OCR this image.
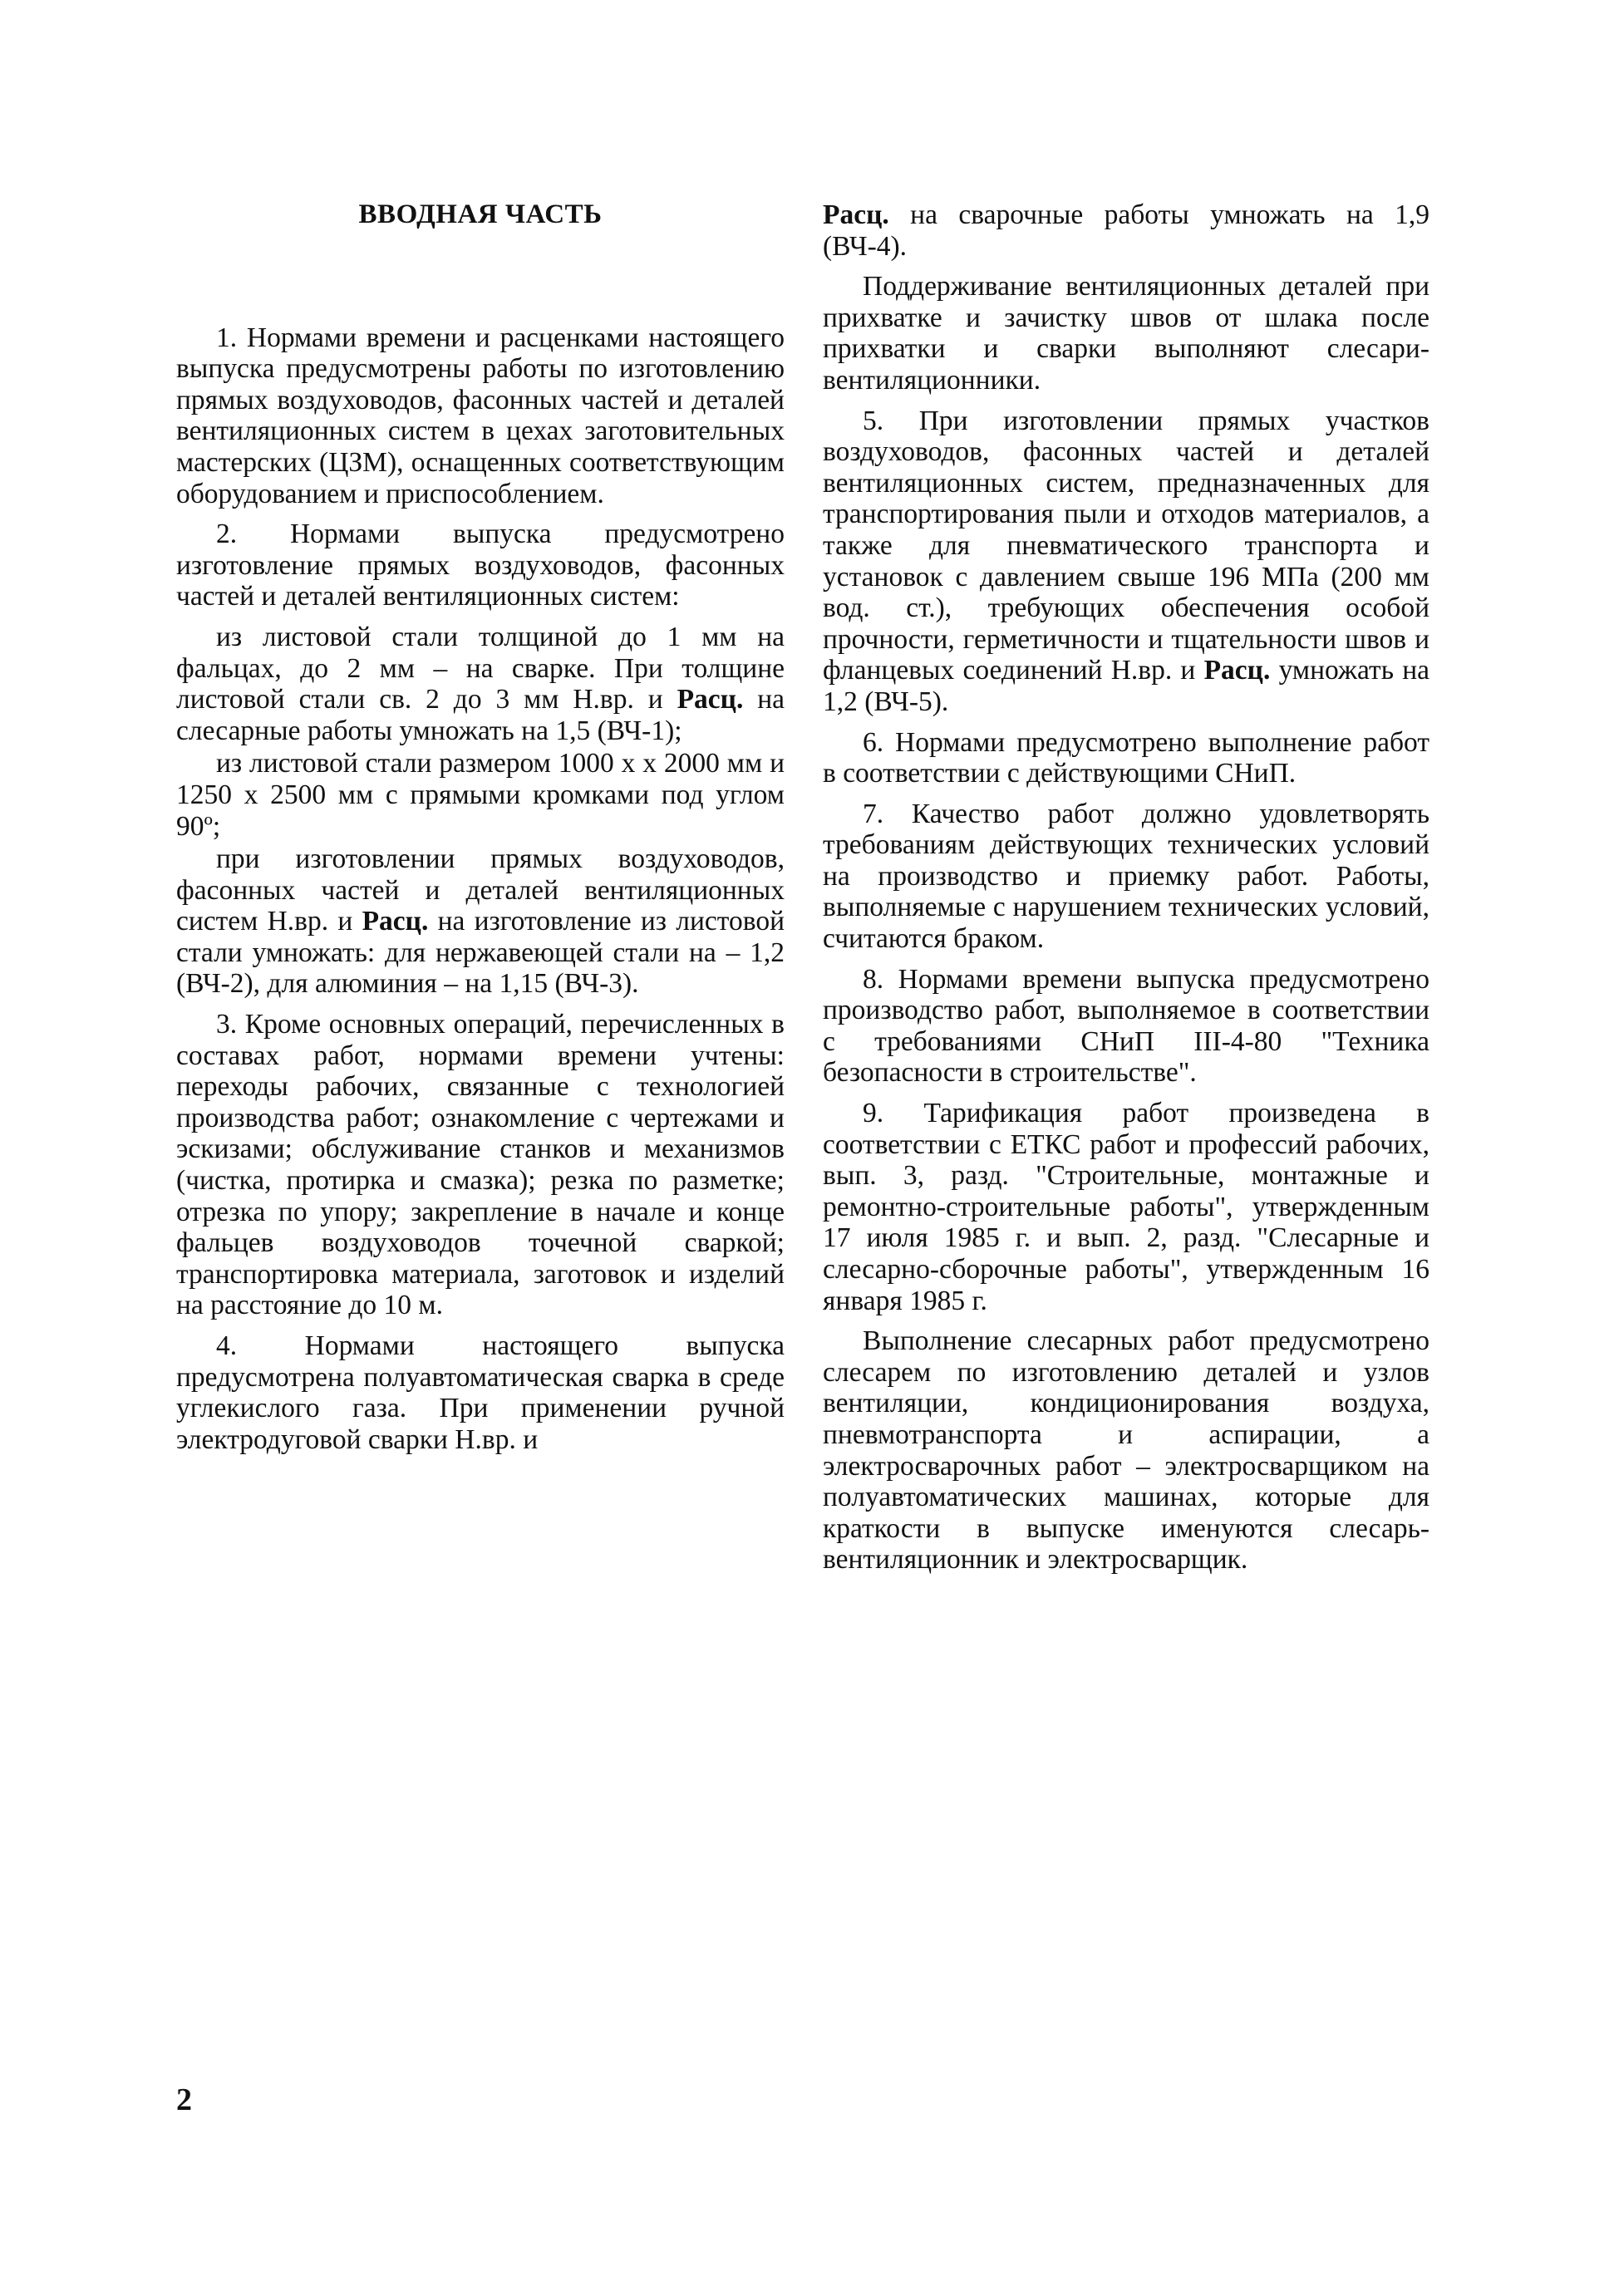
ВВОДНАЯ ЧАСТЬ

1. Нормами времени и расценками настоящего выпуска предусмотрены работы по изготовлению прямых воздуховодов, фасонных частей и деталей вентиляционных систем в цехах заготовительных мастерских (ЦЗМ), оснащенных соответствующим оборудованием и приспособлением.

2. Нормами выпуска предусмотрено изготовление прямых воздуховодов, фасонных частей и деталей вентиляционных систем:

из листовой стали толщиной до 1 мм на фальцах, до 2 мм – на сварке. При толщине листовой стали св. 2 до 3 мм Н.вр. и Расц. на слесарные работы умножать на 1,5 (ВЧ-1);

из листовой стали размером 1000 х х 2000 мм и 1250 х 2500 мм с прямыми кромками под углом 90º;

при изготовлении прямых воздуховодов, фасонных частей и деталей вентиляционных систем Н.вр. и Расц. на изготовление из листовой стали умножать: для нержавеющей стали на – 1,2 (ВЧ-2), для алюминия – на 1,15 (ВЧ-3).

3. Кроме основных операций, перечисленных в составах работ, нормами времени учтены: переходы рабочих, связанные с технологией производства работ; ознакомление с чертежами и эскизами; обслуживание станков и механизмов (чистка, протирка и смазка); резка по разметке; отрезка по упору; закрепление в начале и конце фальцев воздуховодов точечной сваркой; транспортировка материала, заготовок и изделий на расстояние до 10 м.

4. Нормами настоящего выпуска предусмотрена полуавтоматическая сварка в среде углекислого газа. При применении ручной электродуговой сварки Н.вр. и

Расц. на сварочные работы умножать на 1,9 (ВЧ-4).

Поддерживание вентиляционных деталей при прихватке и зачистку швов от шлака после прихватки и сварки выполняют слесари-вентиляционники.

5. При изготовлении прямых участков воздуховодов, фасонных частей и деталей вентиляционных систем, предназначенных для транспортирования пыли и отходов материалов, а также для пневматического транспорта и установок с давлением свыше 196 МПа (200 мм вод. ст.), требующих обеспечения особой прочности, герметичности и тщательности швов и фланцевых соединений Н.вр. и Расц. умножать на 1,2 (ВЧ-5).

6. Нормами предусмотрено выполнение работ в соответствии с действующими СНиП.

7. Качество работ должно удовлетворять требованиям действующих технических условий на производство и приемку работ. Работы, выполняемые с нарушением технических условий, считаются браком.

8. Нормами времени выпуска предусмотрено производство работ, выполняемое в соответствии с требованиями СНиП III-4-80 "Техника безопасности в строительстве".

9. Тарификация работ произведена в соответствии с ЕТКС работ и профессий рабочих, вып. 3, разд. "Строительные, монтажные и ремонтно-строительные работы", утвержденным 17 июля 1985 г. и вып. 2, разд. "Слесарные и слесарно-сборочные работы", утвержденным 16 января 1985 г.

Выполнение слесарных работ предусмотрено слесарем по изготовлению деталей и узлов вентиляции, кондиционирования воздуха, пневмотранспорта и аспирации, а электросварочных работ – электросварщиком на полуавтоматических машинах, которые для краткости в выпуске именуются слесарь-вентиляционник и электросварщик.

2
